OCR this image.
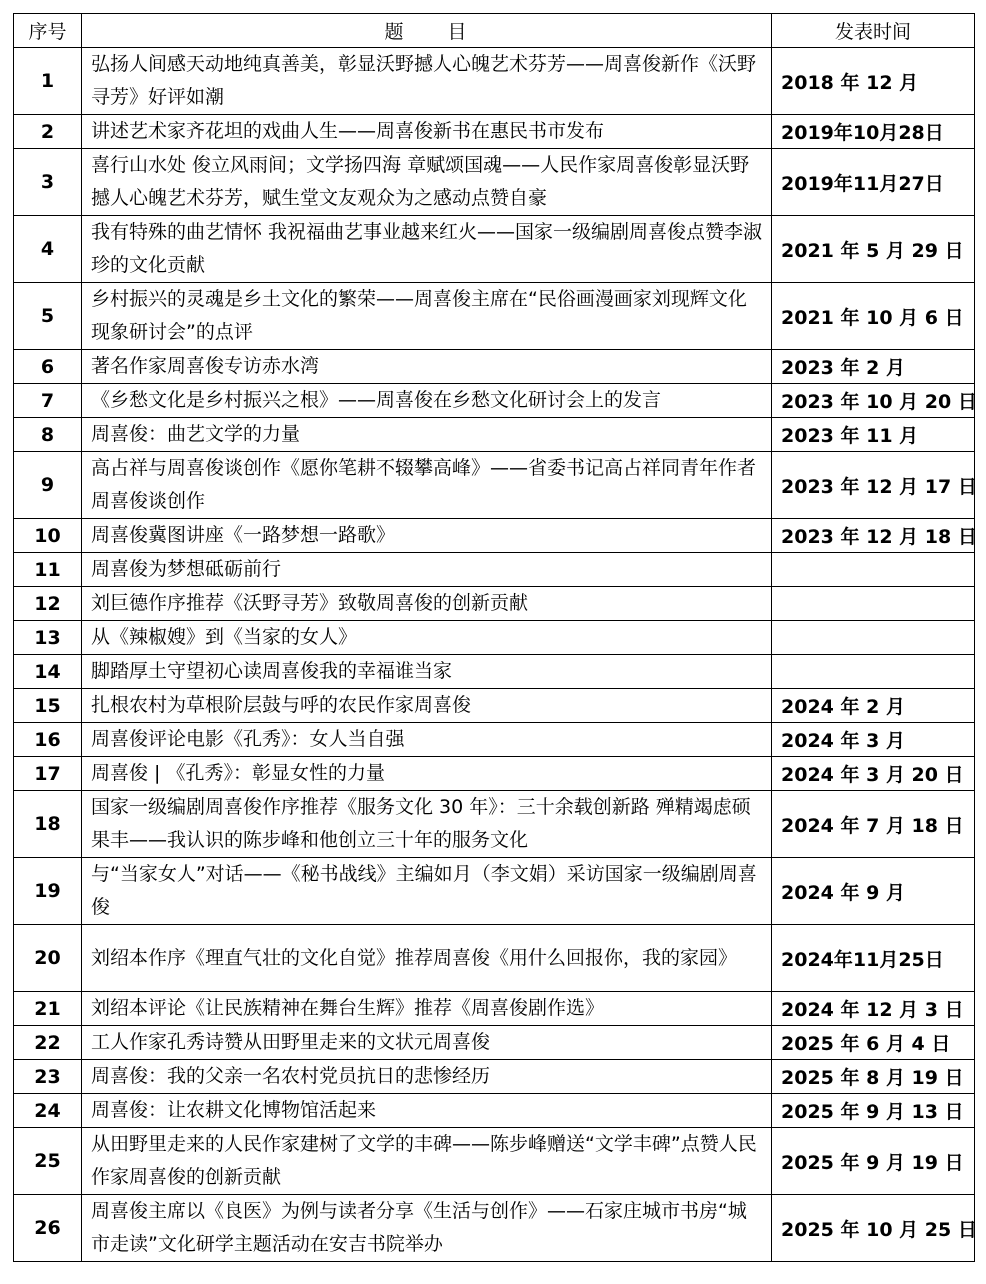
序号	题　　目	发表时间
1	弘扬人间感天动地纯真善美，彰显沃野撼人心魄艺术芬芳——周喜俊新作《沃野寻芳》好评如潮	2018 年 12 月
2	讲述艺术家齐花坦的戏曲人生——周喜俊新书在惠民书市发布	2019年10月28日
3	喜行山水处 俊立风雨间；文学扬四海 章赋颂国魂——人民作家周喜俊彰显沃野撼人心魄艺术芬芳，赋生堂文友观众为之感动点赞自豪	2019年11月27日
4	我有特殊的曲艺情怀 我祝福曲艺事业越来红火——国家一级编剧周喜俊点赞李淑珍的文化贡献	2021 年 5 月 29 日
5	乡村振兴的灵魂是乡土文化的繁荣——周喜俊主席在“民俗画漫画家刘现辉文化现象研讨会”的点评	2021 年 10 月 6 日
6	著名作家周喜俊专访赤水湾	2023 年 2 月
7	《乡愁文化是乡村振兴之根》——周喜俊在乡愁文化研讨会上的发言	2023 年 10 月 20 日
8	周喜俊：曲艺文学的力量	2023 年 11 月
9	高占祥与周喜俊谈创作《愿你笔耕不辍攀高峰》——省委书记高占祥同青年作者周喜俊谈创作	2023 年 12 月 17 日
10	周喜俊冀图讲座《一路梦想一路歌》	2023 年 12 月 18 日
11	周喜俊为梦想砥砺前行	
12	刘巨德作序推荐《沃野寻芳》致敬周喜俊的创新贡献	
13	从《辣椒嫂》到《当家的女人》	
14	脚踏厚土守望初心读周喜俊我的幸福谁当家	
15	扎根农村为草根阶层鼓与呼的农民作家周喜俊	2024 年 2 月
16	周喜俊评论电影《孔秀》：女人当自强	2024 年 3 月
17	周喜俊 | 《孔秀》：彰显女性的力量	2024 年 3 月 20 日
18	国家一级编剧周喜俊作序推荐《服务文化 30 年》：三十余载创新路 殚精竭虑硕果丰——我认识的陈步峰和他创立三十年的服务文化	2024 年 7 月 18 日
19	与“当家女人”对话——《秘书战线》主编如月（李文娟）采访国家一级编剧周喜俊	2024 年 9 月
20	刘绍本作序《理直气壮的文化自觉》推荐周喜俊《用什么回报你，我的家园》	2024年11月25日
21	刘绍本评论《让民族精神在舞台生辉》推荐《周喜俊剧作选》	2024 年 12 月 3 日
22	工人作家孔秀诗赞从田野里走来的文状元周喜俊	2025 年 6 月 4 日
23	周喜俊：我的父亲一名农村党员抗日的悲惨经历	2025 年 8 月 19 日
24	周喜俊：让农耕文化博物馆活起来	2025 年 9 月 13 日
25	从田野里走来的人民作家建树了文学的丰碑——陈步峰赠送“文学丰碑”点赞人民作家周喜俊的创新贡献	2025 年 9 月 19 日
26	周喜俊主席以《良医》为例与读者分享《生活与创作》——石家庄城市书房“城市走读”文化研学主题活动在安吉书院举办	2025 年 10 月 25 日
